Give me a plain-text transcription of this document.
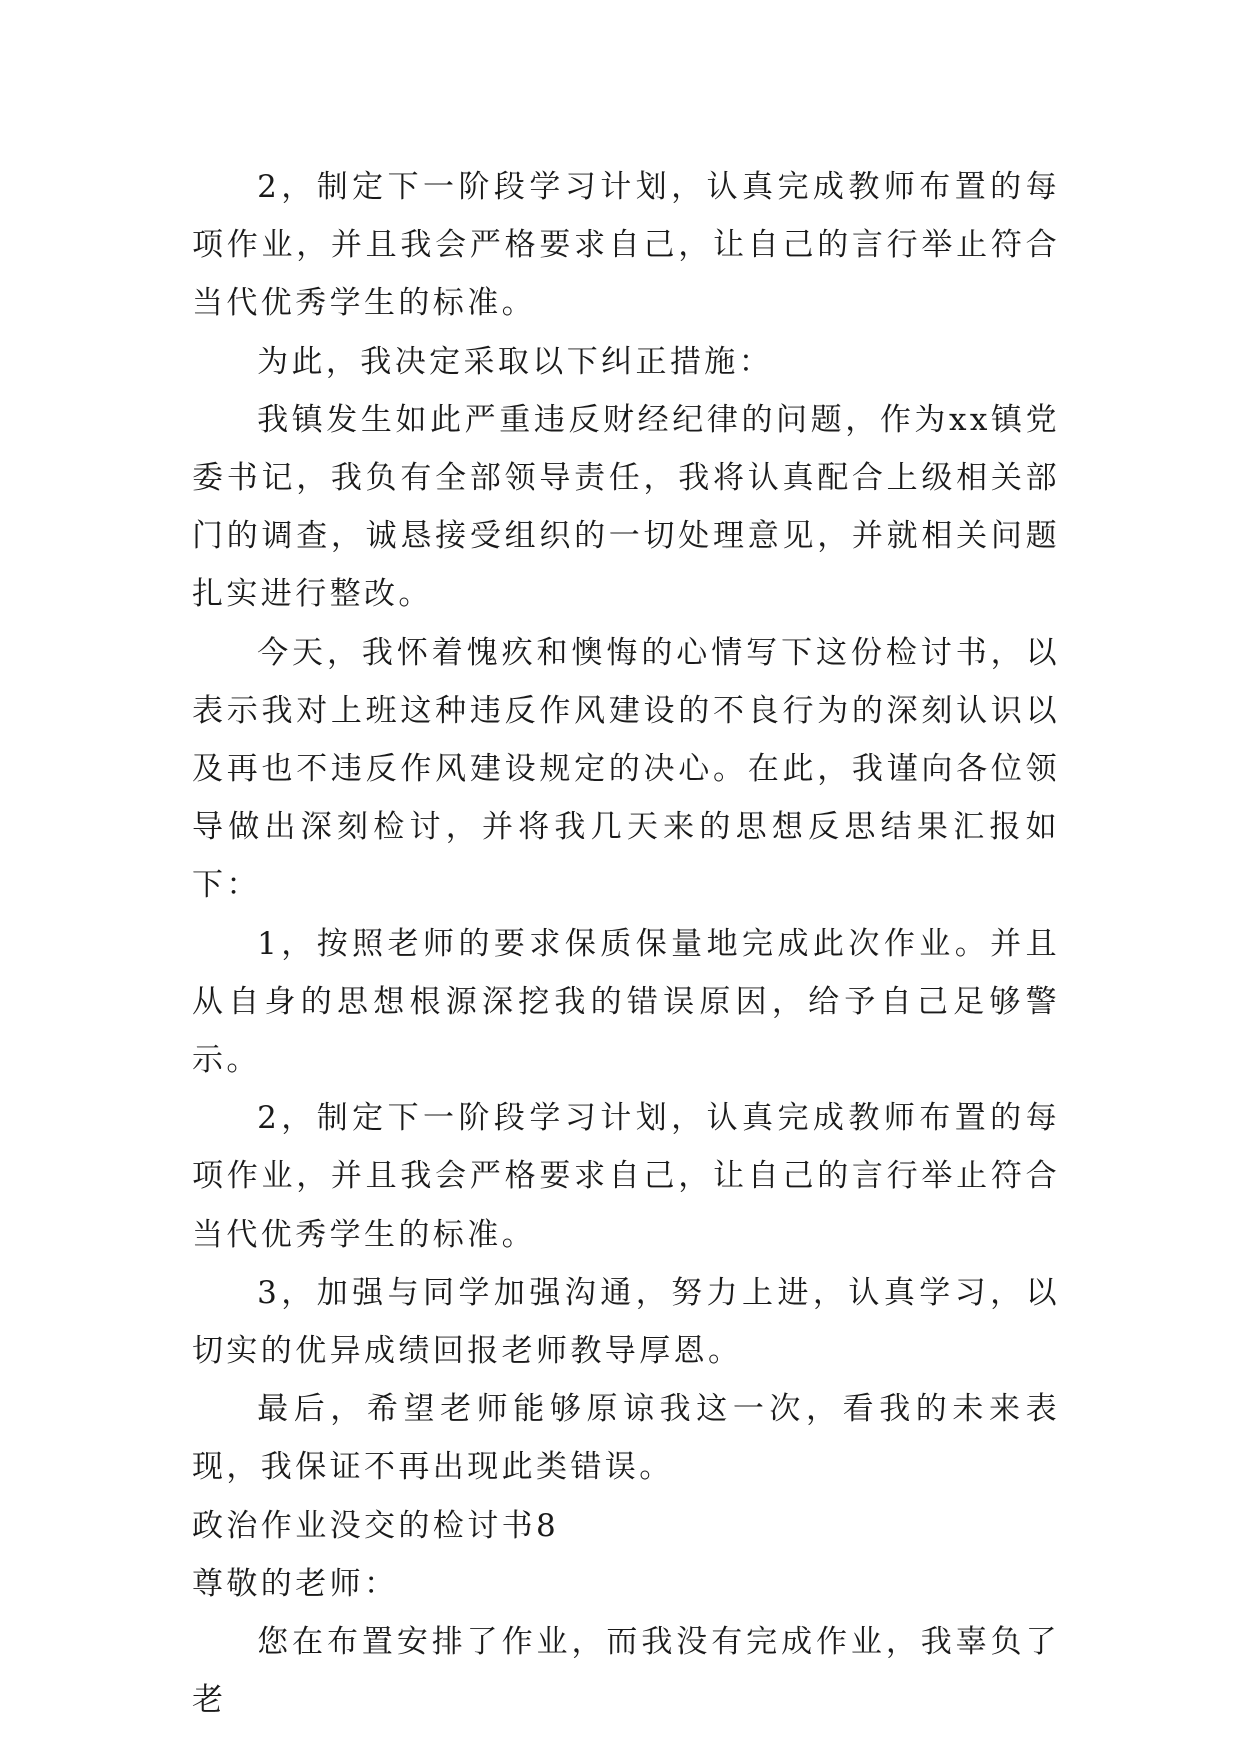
2，制定下一阶段学习计划，认真完成教师布置的每项作业，并且我会严格要求自己，让自己的言行举止符合当代优秀学生的标准。

为此，我决定采取以下纠正措施：

我镇发生如此严重违反财经纪律的问题，作为xx镇党委书记，我负有全部领导责任，我将认真配合上级相关部门的调查，诚恳接受组织的一切处理意见，并就相关问题扎实进行整改。

今天，我怀着愧疚和懊悔的心情写下这份检讨书，以表示我对上班这种违反作风建设的不良行为的深刻认识以及再也不违反作风建设规定的决心。在此，我谨向各位领导做出深刻检讨，并将我几天来的思想反思结果汇报如下：

1，按照老师的要求保质保量地完成此次作业。并且从自身的思想根源深挖我的错误原因，给予自己足够警示。

2，制定下一阶段学习计划，认真完成教师布置的每项作业，并且我会严格要求自己，让自己的言行举止符合当代优秀学生的标准。

3，加强与同学加强沟通，努力上进，认真学习，以切实的优异成绩回报老师教导厚恩。

最后，希望老师能够原谅我这一次，看我的未来表现，我保证不再出现此类错误。

政治作业没交的检讨书8

尊敬的老师：

您在布置安排了作业，而我没有完成作业，我辜负了老
